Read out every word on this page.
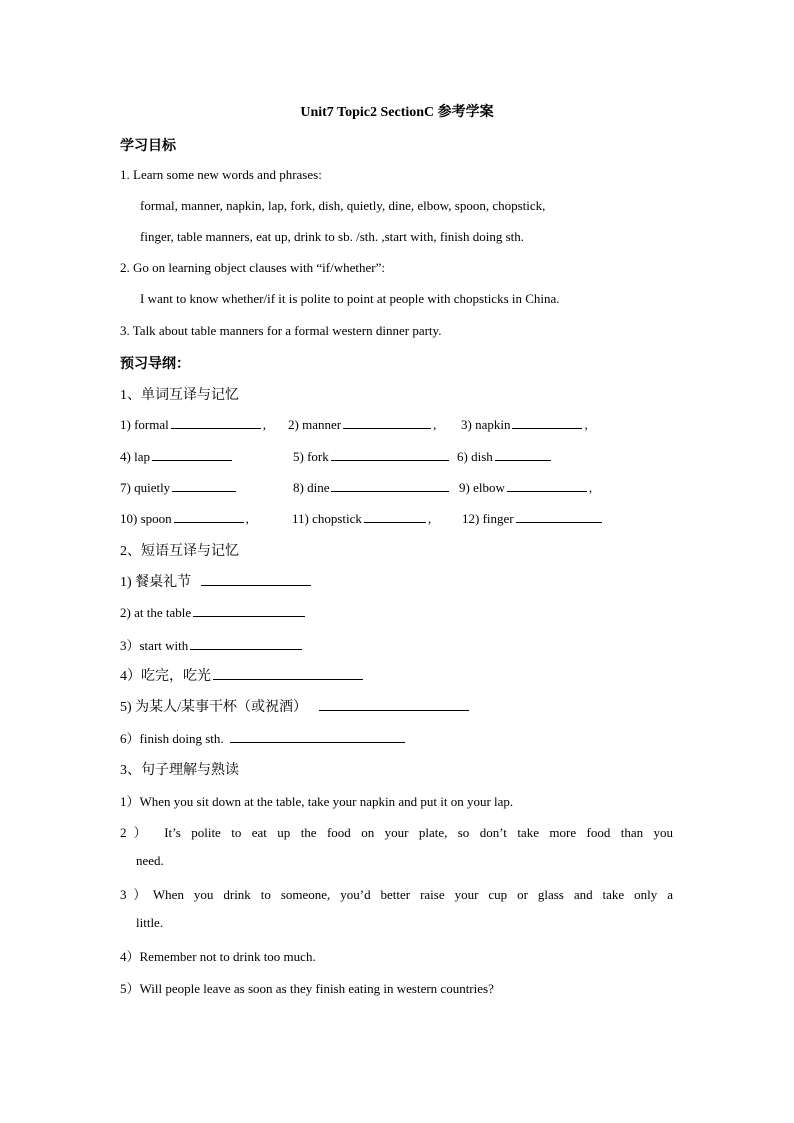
Unit7 Topic2 SectionC 参考学案
学习目标
1. Learn some new words and phrases:
formal, manner, napkin, lap, fork, dish, quietly, dine, elbow, spoon, chopstick,
finger, table manners, eat up, drink to sb. /sth. ,start with, finish doing sth.
2. Go on learning object clauses with “if/whether”:
I want to know whether/if it is polite to point at people with chopsticks in China.
3. Talk about table manners for a formal western dinner party.
预习导纲：
1、单词互译与记忆
1) formal	, 2) manner	, 3) napkin	,
4) lap	5) fork	6) dish
7) quietly	8) dine	9) elbow	,
10) spoon	,	11) chopstick	, 12) finger
2、短语互译与记忆
1) 餐桌礼节
2) at the table
3）start with
4）吃完，吃光
5) 为某人/某事干杯（或祝酒）
6）finish doing sth.
3、句子理解与熟读
1）When you sit down at the table, take your napkin and put it on your lap.
2） It’s polite to eat up the food on your plate, so don’t take more food than you
need.
3）When you drink to someone, you’d better raise your cup or glass and take only a
little.
4）Remember not to drink too much.
5）Will people leave as soon as they finish eating in western countries?
